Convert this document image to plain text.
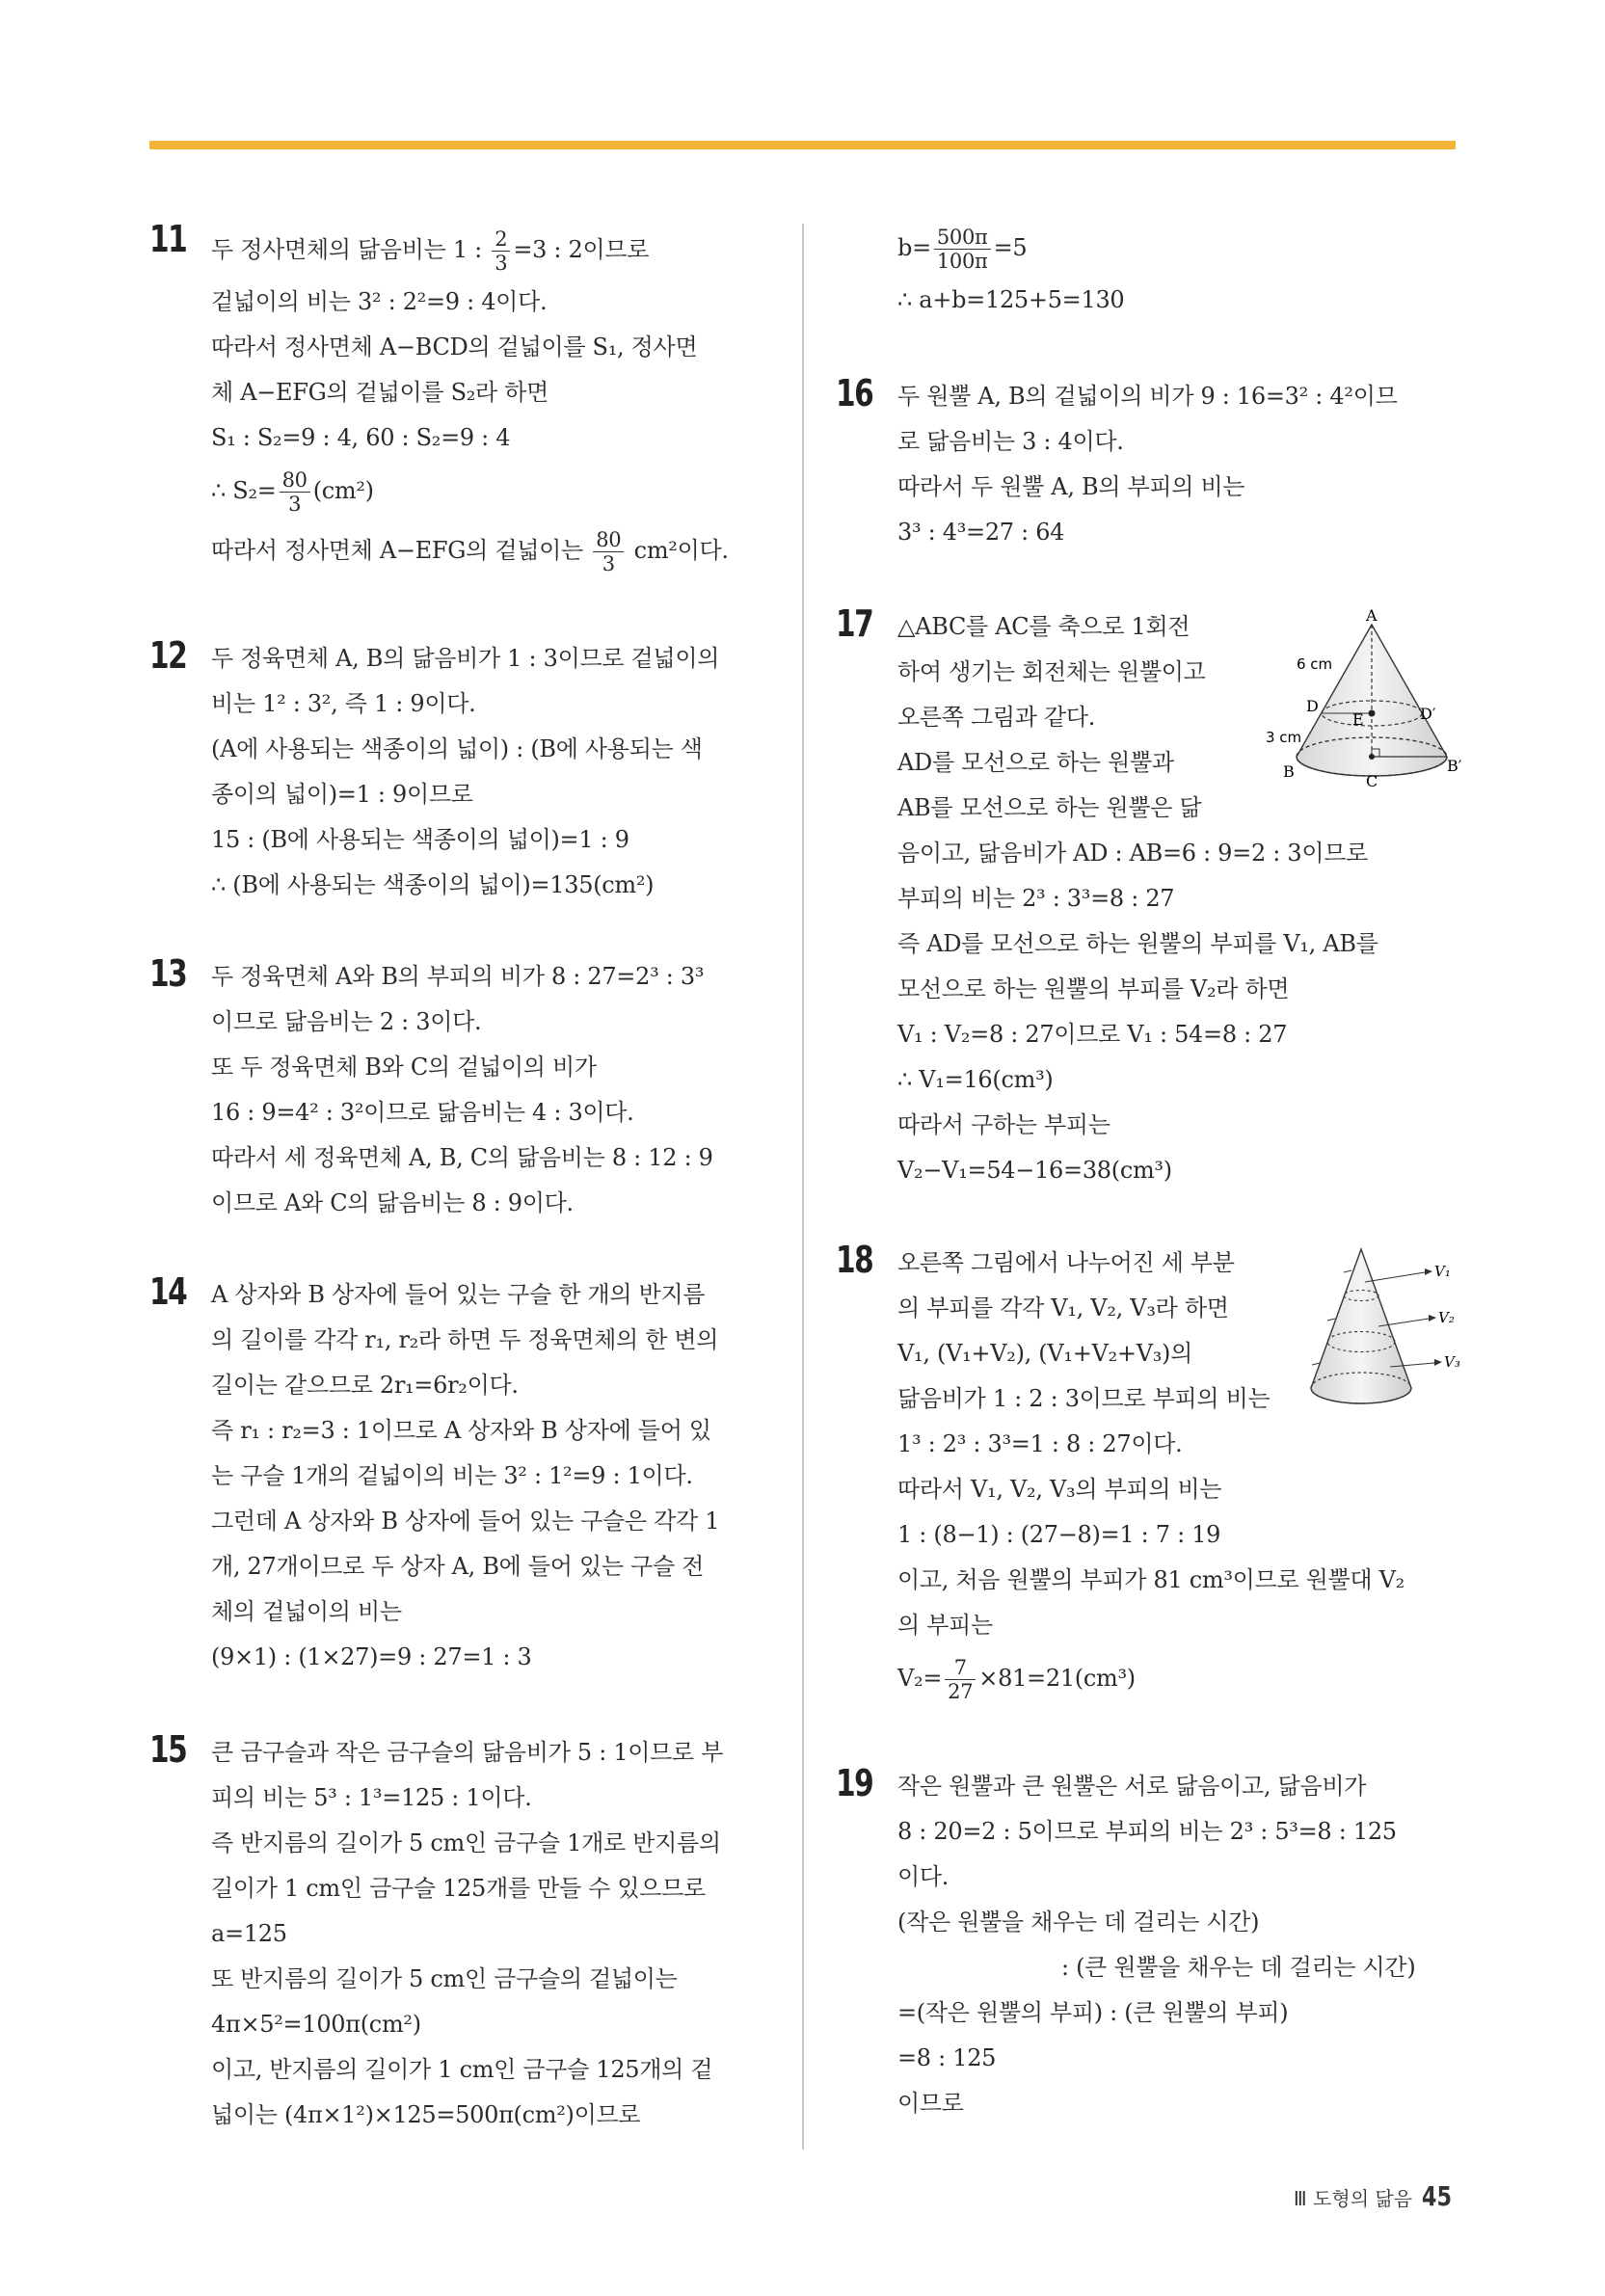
11 두 정사면체의 닮음비는 1 : $\frac{2}{3} =3$ : 2이므로
겉넓이의 비는 3² : 2²=9 : 4이다.
따라서 정사면체 A−BCD의 겉넓이를 S₁, 정사면
체 A−EFG의 겉넓이를 S₂라 하면
S₁ : S₂=9 : 4, 60 : S₂=9 : 4
∴ $S_2= \frac{80}{3} (cm^2)$
따라서 정사면체 A−EFG의 겉넓이는 $\frac{80}{3} cm^2$이다.
12 두 정육면체 A, B의 닮음비가 1 : 3이므로 겉넓이의
비는 1² : 3², 즉 1 : 9이다.
(A에 사용되는 색종이의 넓이) : (B에 사용되는 색
종이의 넓이)=1 : 9이므로
15 : (B에 사용되는 색종이의 넓이)=1 : 9
∴ (B에 사용되는 색종이의 넓이)=135(cm²)
13 두 정육면체 A와 B의 부피의 비가 8 : 27=2³ : 3³
이므로 닮음비는 2 : 3이다.
또 두 정육면체 B와 C의 겉넓이의 비가
16 : 9=4² : 3²이므로 닮음비는 4 : 3이다.
따라서 세 정육면체 A, B, C의 닮음비는 8 : 12 : 9
이므로 A와 C의 닮음비는 8 : 9이다.
14 A 상자와 B 상자에 들어 있는 구슬 한 개의 반지름
의 길이를 각각 r₁, r₂라 하면 두 정육면체의 한 변의
길이는 같으므로 2r₁=6r₂이다.
즉 r₁ : r₂=3 : 1이므로 A 상자와 B 상자에 들어 있
는 구슬 1개의 겉넓이의 비는 3² : 1²=9 : 1이다.
그런데 A 상자와 B 상자에 들어 있는 구슬은 각각 1
개, 27개이므로 두 상자 A, B에 들어 있는 구슬 전
체의 겉넓이의 비는
(9×1) : (1×27)=9 : 27=1 : 3
15 큰 금구슬과 작은 금구슬의 닮음비가 5 : 1이므로 부
피의 비는 5³ : 1³=125 : 1이다.
즉 반지름의 길이가 5 cm인 금구슬 1개로 반지름의
길이가 1 cm인 금구슬 125개를 만들 수 있으므로
a=125
또 반지름의 길이가 5 cm인 금구슬의 겉넓이는
4π×5²=100π(cm²)
이고, 반지름의 길이가 1 cm인 금구슬 125개의 겉
넓이는 (4π×1²)×125=500π(cm²)이므로
$b= \frac{500\pi}{100\pi} =5$
∴ a+b=125+5=130
16 두 원뿔 A, B의 겉넓이의 비가 9 : 16=3² : 4²이므
로 닮음비는 3 : 4이다.
따라서 두 원뿔 A, B의 부피의 비는
3³ : 4³=27 : 64
17 △ABC를 AC를 축으로 1회전
하여 생기는 회전체는 원뿔이고
오른쪽 그림과 같다.
AD를 모선으로 하는 원뿔과
AB를 모선으로 하는 원뿔은 닮
음이고, 닮음비가 AD : AB=6 : 9=2 : 3이므로
부피의 비는 2³ : 3³=8 : 27
즉 AD를 모선으로 하는 원뿔의 부피를 V₁, AB를
모선으로 하는 원뿔의 부피를 V₂라 하면
V₁ : V₂=8 : 27이므로 V₁ : 54=8 : 27
∴ V₁=16(cm³)
따라서 구하는 부피는
V₂−V₁=54−16=38(cm³)
18 오른쪽 그림에서 나누어진 세 부분
의 부피를 각각 V₁, V₂, V₃라 하면
V₁, (V₁+V₂), (V₁+V₂+V₃)의
닮음비가 1 : 2 : 3이므로 부피의 비는
1³ : 2³ : 3³=1 : 8 : 27이다.
따라서 V₁, V₂, V₃의 부피의 비는
1 : (8−1) : (27−8)=1 : 7 : 19
이고, 처음 원뿔의 부피가 81 cm³이므로 원뿔대 V₂
의 부피는
$V_2= \frac{7}{27} \times 81=21(cm^3)$
19 작은 원뿔과 큰 원뿔은 서로 닮음이고, 닮음비가
8 : 20=2 : 5이므로 부피의 비는 2³ : 5³=8 : 125
이다.
(작은 원뿔을 채우는 데 걸리는 시간)
: (큰 원뿔을 채우는 데 걸리는 시간)
=(작은 원뿔의 부피) : (큰 원뿔의 부피)
=8 : 125
이므로
A
D	D′
E
B	B′
C
6 cm
3 cm
V₁
V₂
V₃
Ⅲ 도형의 닮음 45
